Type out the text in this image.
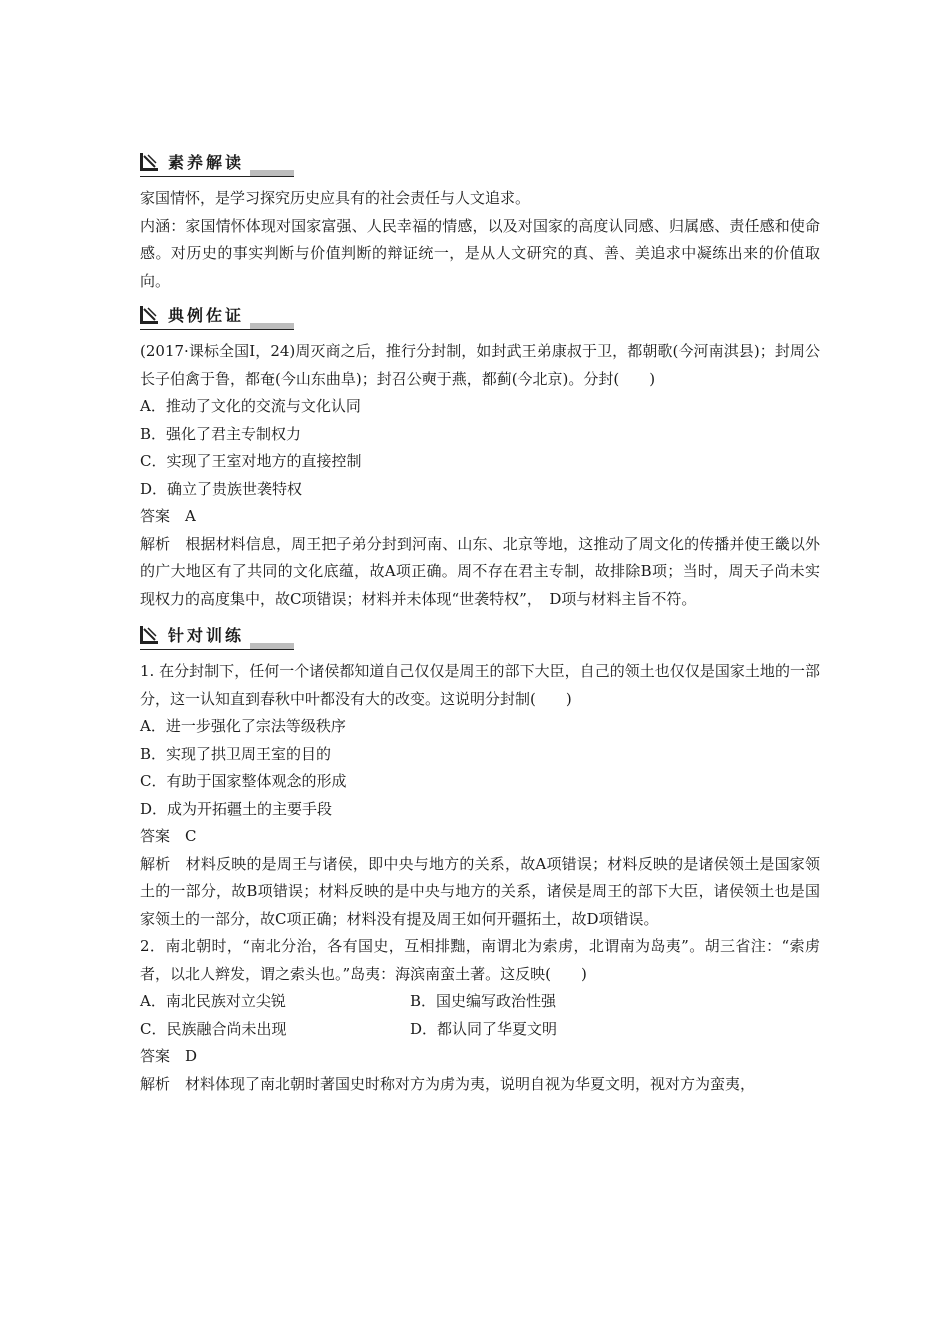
素养解读

家国情怀，是学习探究历史应具有的社会责任与人文追求。

内涵：家国情怀体现对国家富强、人民幸福的情感，以及对国家的高度认同感、归属感、责任感和使命感。对历史的事实判断与价值判断的辩证统一，是从人文研究的真、善、美追求中凝练出来的价值取向。

典例佐证

(2017·课标全国Ⅰ，24)周灭商之后，推行分封制，如封武王弟康叔于卫，都朝歌(今河南淇县)；封周公长子伯禽于鲁，都奄(今山东曲阜)；封召公奭于燕，都蓟(今北京)。分封(　　)

A．推动了文化的交流与文化认同

B．强化了君主专制权力

C．实现了王室对地方的直接控制

D．确立了贵族世袭特权

答案　A

解析　根据材料信息，周王把子弟分封到河南、山东、北京等地，这推动了周文化的传播并使王畿以外的广大地区有了共同的文化底蕴，故A项正确。周不存在君主专制，故排除B项；当时，周天子尚未实现权力的高度集中，故C项错误；材料并未体现“世袭特权”，　D项与材料主旨不符。

针对训练

1. 在分封制下，任何一个诸侯都知道自己仅仅是周王的部下大臣，自己的领土也仅仅是国家土地的一部分，这一认知直到春秋中叶都没有大的改变。这说明分封制(　　)

A．进一步强化了宗法等级秩序

B．实现了拱卫周王室的目的

C．有助于国家整体观念的形成

D．成为开拓疆土的主要手段

答案　C

解析　材料反映的是周王与诸侯，即中央与地方的关系，故A项错误；材料反映的是诸侯领土是国家领土的一部分，故B项错误；材料反映的是中央与地方的关系，诸侯是周王的部下大臣，诸侯领土也是国家领土的一部分，故C项正确；材料没有提及周王如何开疆拓土，故D项错误。

2．南北朝时，“南北分治，各有国史，互相排黜，南谓北为索虏，北谓南为岛夷”。胡三省注：“索虏者，以北人辫发，谓之索头也。”岛夷：海滨南蛮土著。这反映(　　)

A．南北民族对立尖锐	B．国史编写政治性强

C．民族融合尚未出现	D．都认同了华夏文明

答案　D

解析　材料体现了南北朝时著国史时称对方为虏为夷，说明自视为华夏文明，视对方为蛮夷，
